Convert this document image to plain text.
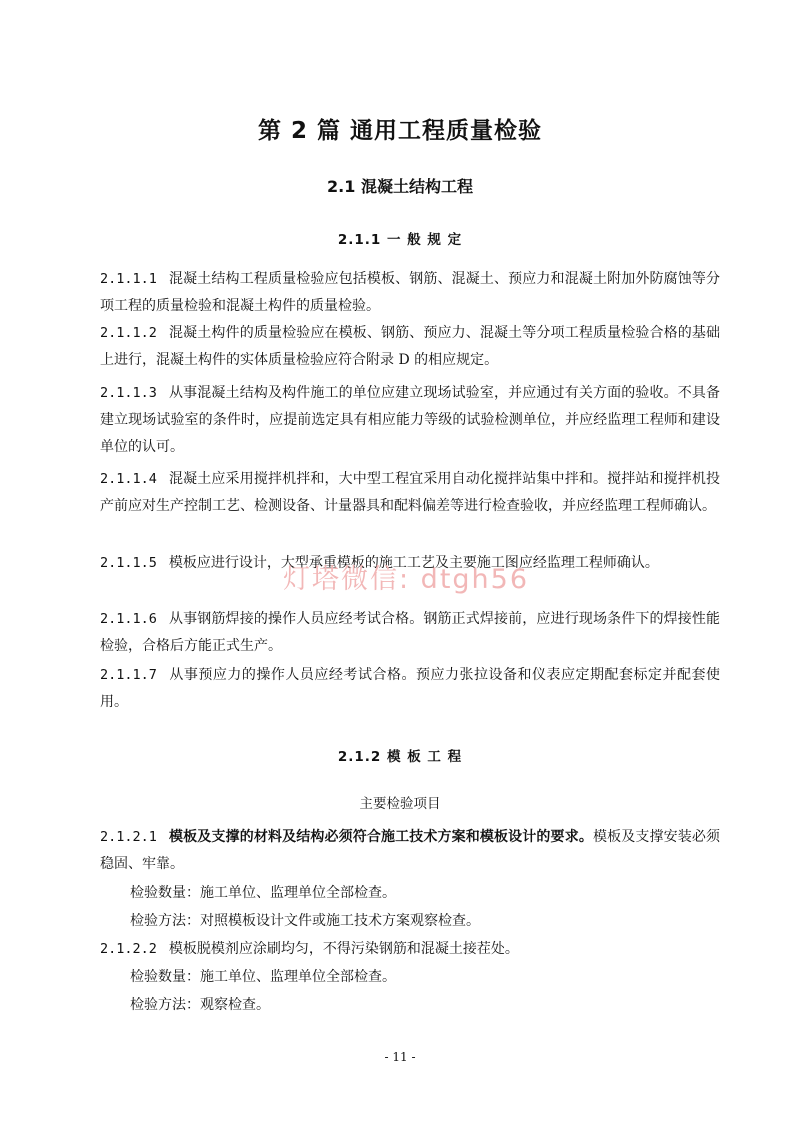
第 2 篇 通用工程质量检验
2.1 混凝土结构工程
2.1.1 一 般 规 定
2.1.1.1 混凝土结构工程质量检验应包括模板、钢筋、混凝土、预应力和混凝土附加外防腐蚀等分项工程的质量检验和混凝土构件的质量检验。
2.1.1.2 混凝土构件的质量检验应在模板、钢筋、预应力、混凝土等分项工程质量检验合格的基础上进行，混凝土构件的实体质量检验应符合附录 D 的相应规定。
2.1.1.3 从事混凝土结构及构件施工的单位应建立现场试验室，并应通过有关方面的验收。不具备建立现场试验室的条件时，应提前选定具有相应能力等级的试验检测单位，并应经监理工程师和建设单位的认可。
2.1.1.4 混凝土应采用搅拌机拌和，大中型工程宜采用自动化搅拌站集中拌和。搅拌站和搅拌机投产前应对生产控制工艺、检测设备、计量器具和配料偏差等进行检查验收，并应经监理工程师确认。
2.1.1.5 模板应进行设计，大型承重模板的施工工艺及主要施工图应经监理工程师确认。
2.1.1.6 从事钢筋焊接的操作人员应经考试合格。钢筋正式焊接前，应进行现场条件下的焊接性能检验，合格后方能正式生产。
2.1.1.7 从事预应力的操作人员应经考试合格。预应力张拉设备和仪表应定期配套标定并配套使用。
2.1.2 模 板 工 程
主要检验项目
2.1.2.1 模板及支撑的材料及结构必须符合施工技术方案和模板设计的要求。模板及支撑安装必须稳固、牢靠。
检验数量：施工单位、监理单位全部检查。
检验方法：对照模板设计文件或施工技术方案观察检查。
2.1.2.2 模板脱模剂应涂刷均匀，不得污染钢筋和混凝土接茬处。
检验数量：施工单位、监理单位全部检查。
检验方法：观察检查。
灯塔微信: dtgh56
- 11 -
